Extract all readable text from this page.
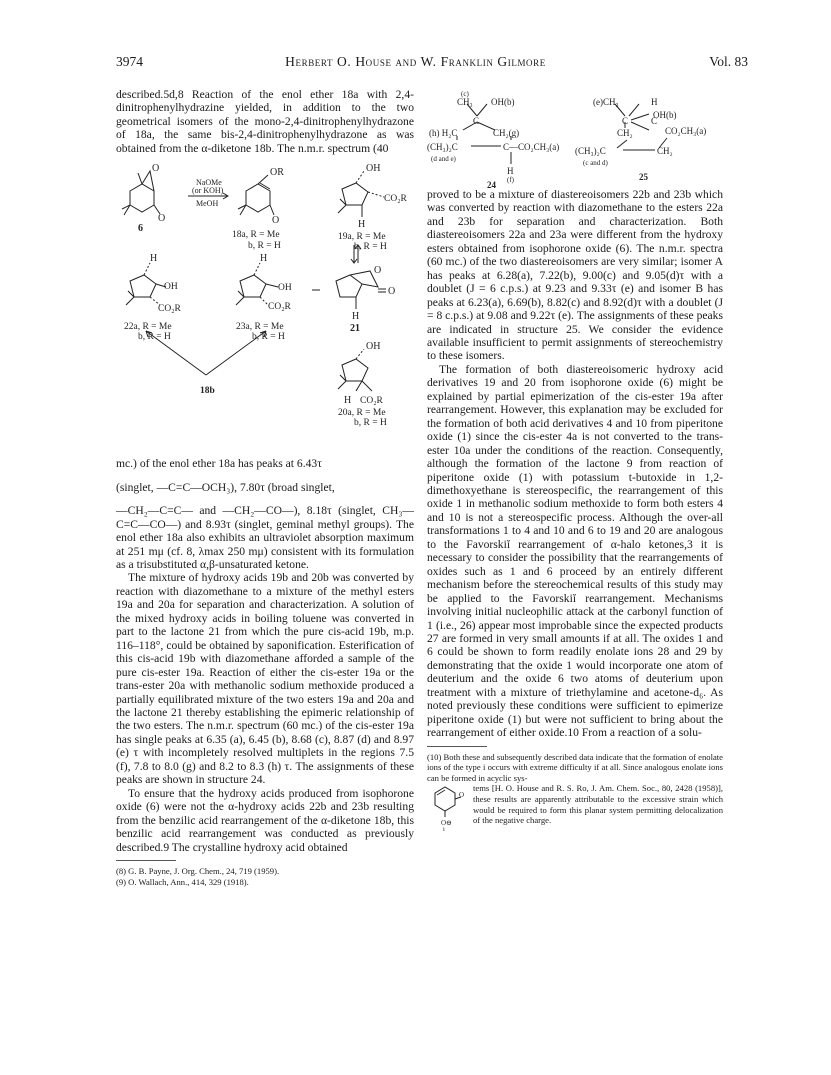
3974	Herbert O. House and W. Franklin Gilmore	Vol. 83

described.5d,8 Reaction of the enol ether 18a with 2,4-dinitrophenylhydrazine yielded, in addition to the two geometrical isomers of the mono-2,4-dinitrophenylhydrazone of 18a, the same bis-2,4-dinitrophenylhydrazone as was obtained from the α-diketone 18b. The n.m.r. spectrum (40

O
O
6
OR
O
18a, R = Me
b, R = H
OH
CO₂R
H
19a, R = Me
b, R = H
H
OH
CO₂R
22a, R = Me
b, R = H
H
OH
CO₂R
23a, R = Me
b, R = H
O
O
H
21
18b
OH
H CO₂R
20a, R = Me
b, R = H
NaOMe
(or KOH)
MeOH

mc.) of the enol ether 18a has peaks at 6.43τ

(singlet, —C=C—OCH₃), 7.80τ (broad singlet,

—CH₂—C=C— and —CH₂—CO—), 8.18τ (singlet, CH₃—C=C—CO—) and 8.93τ (singlet, geminal methyl groups). The enol ether 18a also exhibits an ultraviolet absorption maximum at 251 mμ (cf. 8, λmax 250 mμ) consistent with its formulation as a trisubstituted α,β-unsaturated ketone.

The mixture of hydroxy acids 19b and 20b was converted by reaction with diazomethane to a mixture of the methyl esters 19a and 20a for separation and characterization. A solution of the mixed hydroxy acids in boiling toluene was converted in part to the lactone 21 from which the pure cis-acid 19b, m.p. 116–118°, could be obtained by saponification. Esterification of this cis-acid 19b with diazomethane afforded a sample of the pure cis-ester 19a. Reaction of either the cis-ester 19a or the trans-ester 20a with methanolic sodium methoxide produced a partially equilibrated mixture of the two esters 19a and 20a and the lactone 21 thereby establishing the epimeric relationship of the two esters. The n.m.r. spectrum (60 mc.) of the cis-ester 19a has single peaks at 6.35 (a), 6.45 (b), 8.68 (c), 8.87 (d) and 8.97 (e) τ with incompletely resolved multiplets in the regions 7.5 (f), 7.8 to 8.0 (g) and 8.2 to 8.3 (h) τ. The assignments of these peaks are shown in structure 24.

To ensure that the hydroxy acids produced from isophorone oxide (6) were not the α-hydroxy acids 22b and 23b resulting from the benzilic acid rearrangement of the α-diketone 18b, this benzilic acid rearrangement was conducted as previously described.9 The crystalline hydroxy acid obtained

(8) G. B. Payne, J. Org. Chem., 24, 719 (1959).

(9) O. Wallach, Ann., 414, 329 (1918).

(c)
CH₃ OH(b)
C
(h) H₂C	CH₂(g)
(CH₃)₂C	C—CO₂CH₃(a)
(d and e)
H
(f)
24
(e)CH₃	H
OH(b)
C	C
CH₂	CO₂CH₃(a)
(CH₃)₂C	CH₂
(c and d)
25

proved to be a mixture of diastereoisomers 22b and 23b which was converted by reaction with diazomethane to the esters 22a and 23b for separation and characterization. Both diastereoisomers 22a and 23a were different from the hydroxy esters obtained from isophorone oxide (6). The n.m.r. spectra (60 mc.) of the two diastereoisomers are very similar; isomer A has peaks at 6.28(a), 7.22(b), 9.00(c) and 9.05(d)τ with a doublet (J = 6 c.p.s.) at 9.23 and 9.33τ (e) and isomer B has peaks at 6.23(a), 6.69(b), 8.82(c) and 8.92(d)τ with a doublet (J = 8 c.p.s.) at 9.08 and 9.22τ (e). The assignments of these peaks are indicated in structure 25. We consider the evidence available insufficient to permit assignments of stereochemistry to these isomers.

The formation of both diastereoisomeric hydroxy acid derivatives 19 and 20 from isophorone oxide (6) might be explained by partial epimerization of the cis-ester 19a after rearrangement. However, this explanation may be excluded for the formation of both acid derivatives 4 and 10 from piperitone oxide (1) since the cis-ester 4a is not converted to the trans-ester 10a under the conditions of the reaction. Consequently, although the formation of the lactone 9 from reaction of piperitone oxide (1) with potassium t-butoxide in 1,2-dimethoxyethane is stereospecific, the rearrangement of this oxide 1 in methanolic sodium methoxide to form both esters 4 and 10 is not a stereospecific process. Although the over-all transformations 1 to 4 and 10 and 6 to 19 and 20 are analogous to the Favorskiĭ rearrangement of α-halo ketones,3 it is necessary to consider the possibility that the rearrangements of oxides such as 1 and 6 proceed by an entirely different mechanism before the stereochemical results of this study may be applied to the Favorskiĭ rearrangement. Mechanisms involving initial nucleophilic attack at the carbonyl function of 1 (i.e., 26) appear most improbable since the expected products 27 are formed in very small amounts if at all. The oxides 1 and 6 could be shown to form readily enolate ions 28 and 29 by demonstrating that the oxide 1 would incorporate one atom of deuterium and the oxide 6 two atoms of deuterium upon treatment with a mixture of triethylamine and acetone-d₆. As noted previously these conditions were sufficient to epimerize piperitone oxide (1) but were not sufficient to bring about the rearrangement of either oxide.10 From a reaction of a solu-

(10) Both these and subsequently described data indicate that the formation of enolate ions of the type i occurs with extreme difficulty if at all. Since analogous enolate ions can be formed in acyclic sys-

O
O⊖
i

tems [H. O. House and R. S. Ro, J. Am. Chem. Soc., 80, 2428 (1958)], these results are apparently attributable to the excessive strain which would be required to form this planar system permitting delocalization of the negative charge.
